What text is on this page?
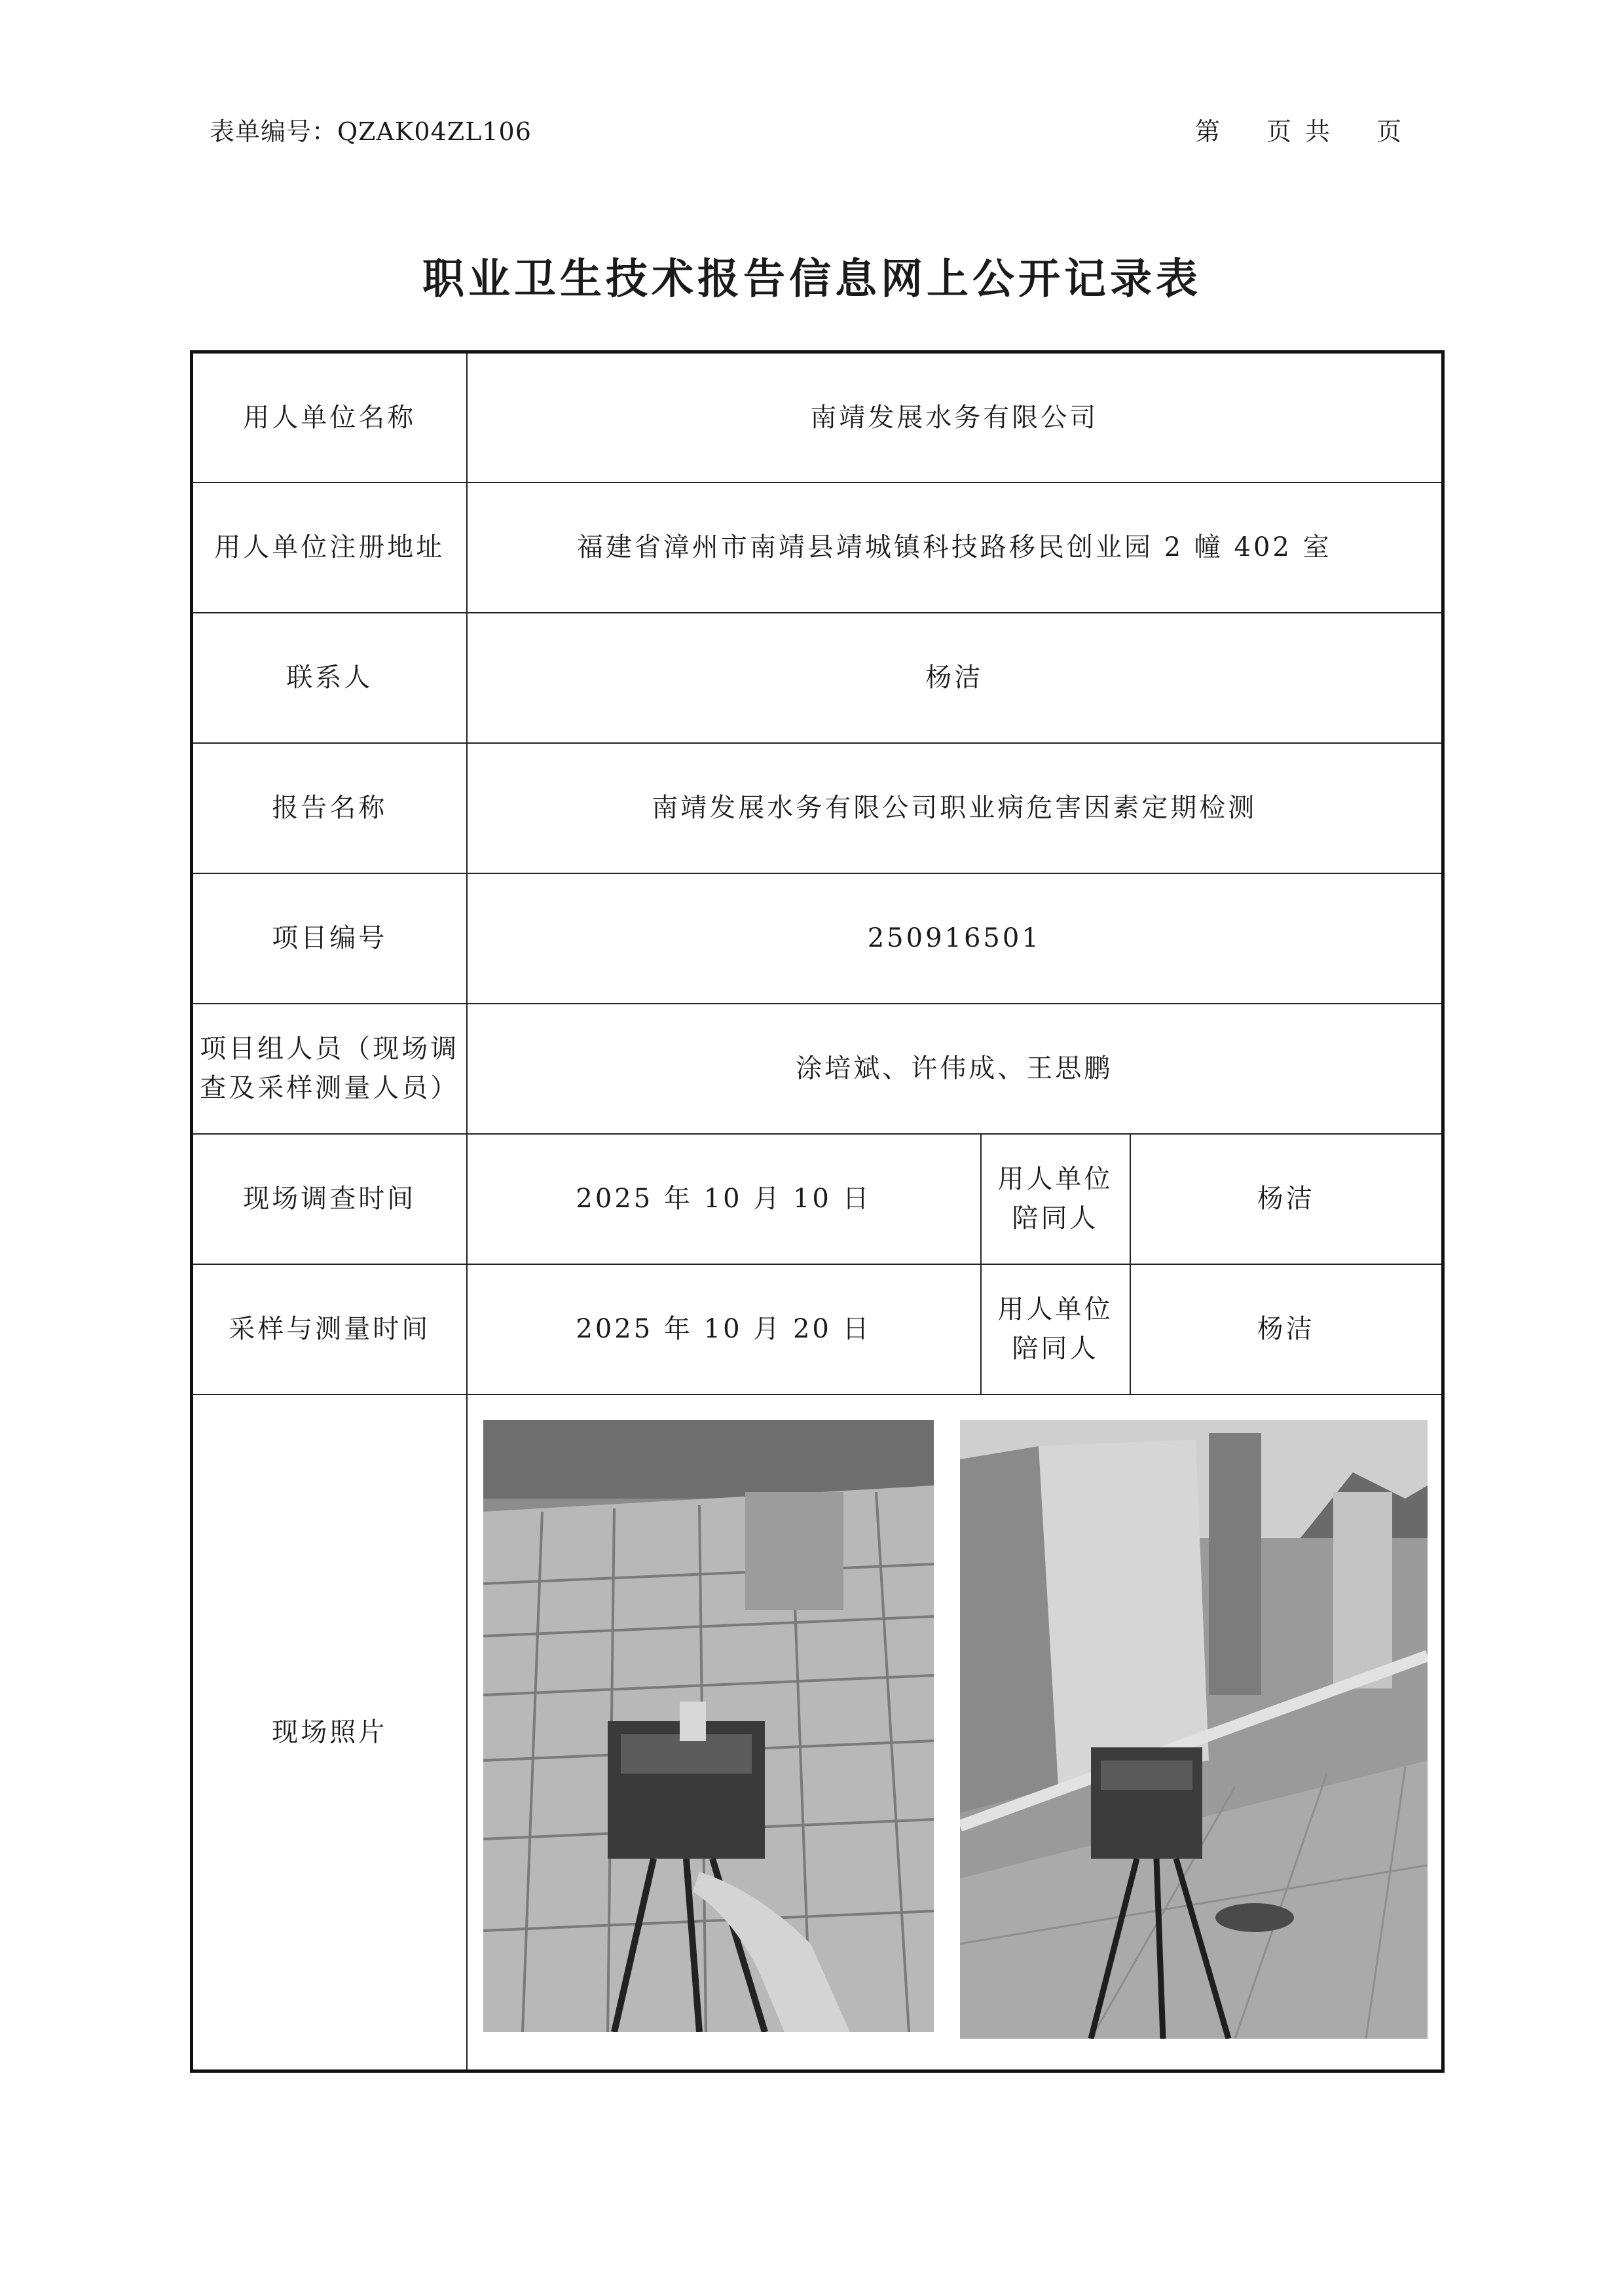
表单编号：QZAK04ZL106	第 页 共 页
职业卫生技术报告信息网上公开记录表
用人单位名称	南靖发展水务有限公司		
用人单位注册地址	福建省漳州市南靖县靖城镇科技路移民创业园 2 幢 402 室		
联系人	杨洁		
报告名称	南靖发展水务有限公司职业病危害因素定期检测		
项目编号	250916501		

项目组人员（现场调
查及采样测量人员）	涂培斌、许伟成、王思鹏		
现场调查时间	2025 年 10 月 10 日	用人单位
陪同人	杨洁
采样与测量时间	2025 年 10 月 20 日	用人单位
陪同人	杨洁
现场照片	
